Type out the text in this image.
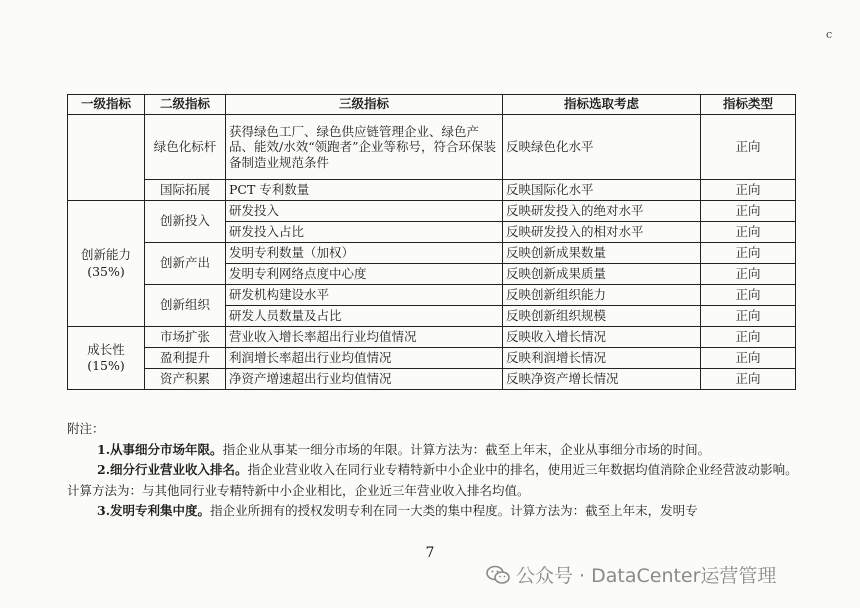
c
一级指标	二级指标	三级指标	指标选取考虑	指标类型

	绿色化标杆	获得绿色工厂、绿色供应链管理企业、绿色产品、能效/水效“领跑者”企业等称号，符合环保装备制造业规范条件	反映绿色化水平	正向
	国际拓展	PCT 专利数量	反映国际化水平	正向

创新能力
(35%)	创新投入	研发投入	反映研发投入的绝对水平	正向
		研发投入占比	反映研发投入的相对水平	正向
	创新产出	发明专利数量（加权）	反映创新成果数量	正向
		发明专利网络点度中心度	反映创新成果质量	正向
	创新组织	研发机构建设水平	反映创新组织能力	正向
		研发人员数量及占比	反映创新组织规模	正向

成长性
(15%)	市场扩张	营业收入增长率超出行业均值情况	反映收入增长情况	正向
	盈利提升	利润增长率超出行业均值情况	反映利润增长情况	正向
	资产积累	净资产增速超出行业均值情况	反映净资产增长情况	正向

附注：

1.从事细分市场年限。指企业从事某一细分市场的年限。计算方法为：截至上年末，企业从事细分市场的时间。

2.细分行业营业收入排名。指企业营业收入在同行业专精特新中小企业中的排名，使用近三年数据均值消除企业经营波动影响。计算方法为：与其他同行业专精特新中小企业相比，企业近三年营业收入排名均值。

3.发明专利集中度。指企业所拥有的授权发明专利在同一大类的集中程度。计算方法为：截至上年末，发明专

7
公众号 · DataCenter运营管理
